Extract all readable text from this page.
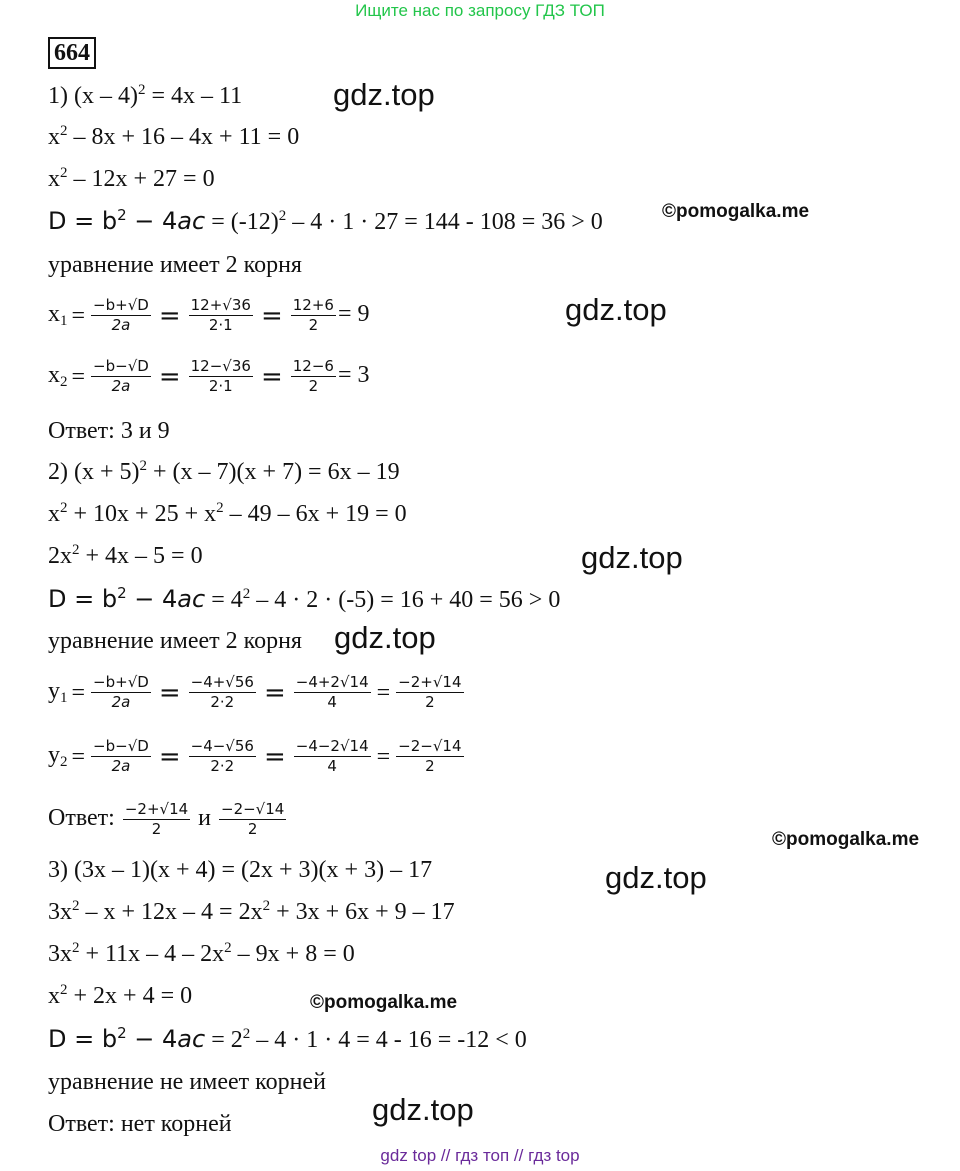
Ищите нас по запросу ГДЗ ТОП
664
1) (x – 4)$^2$ = 4x – 11
$x^2 - 8x + 16 - 4x + 11 = 0$
$x^2 - 12x + 27 = 0$
$D = b^2 - 4ac = (-12)^2 - 4 \cdot 1 \cdot 27 = 144 - 108 = 36 > 0$
уравнение имеет 2 корня
$x_1 = \frac{-b+√D}{2a} = \frac{12+√36}{2\cdot 1} = \frac{12+6}{2} = 9$
$x_2 = \frac{-b-√D}{2a} = \frac{12-√36}{2\cdot 1} = \frac{12-6}{2} = 3$
Ответ: 3 и 9
2) $(x + 5)^2 + (x - 7)(x + 7) = 6x - 19$
$x^2 + 10x + 25 + x^2 - 49 - 6x + 19 = 0$
$2x^2 + 4x - 5 = 0$
$D = b^2 - 4ac = 4^2 - 4 \cdot 2 \cdot (-5) = 16 + 40 = 56 > 0$
уравнение имеет 2 корня
$y_1 = \frac{-b+√D}{2a} = \frac{-4+√56}{2\cdot 2} = \frac{-4+2√14}{4} = \frac{-2+√14}{2}$
$y_2 = \frac{-b-√D}{2a} = \frac{-4-√56}{2\cdot 2} = \frac{-4-2√14}{4} = \frac{-2-√14}{2}$
Ответ: $\frac{-2+√14}{2}$ и $\frac{-2-√14}{2}$
3) (3x – 1)(x + 4) = (2x + 3)(x + 3) – 17
$3x^2 - x + 12x - 4 = 2x^2 + 3x + 6x + 9 - 17$
$3x^2 + 11x - 4 - 2x^2 - 9x + 8 = 0$
$x^2 + 2x + 4 = 0$
$D = b^2 - 4ac = 2^2 - 4 \cdot 1 \cdot 4 = 4 - 16 = -12 < 0$
уравнение не имеет корней
Ответ: нет корней
gdz.top
gdz.top
gdz.top
gdz.top
gdz.top
gdz.top
©pomogalka.me
©pomogalka.me
©pomogalka.me
gdz top // гдз топ // гдз top
